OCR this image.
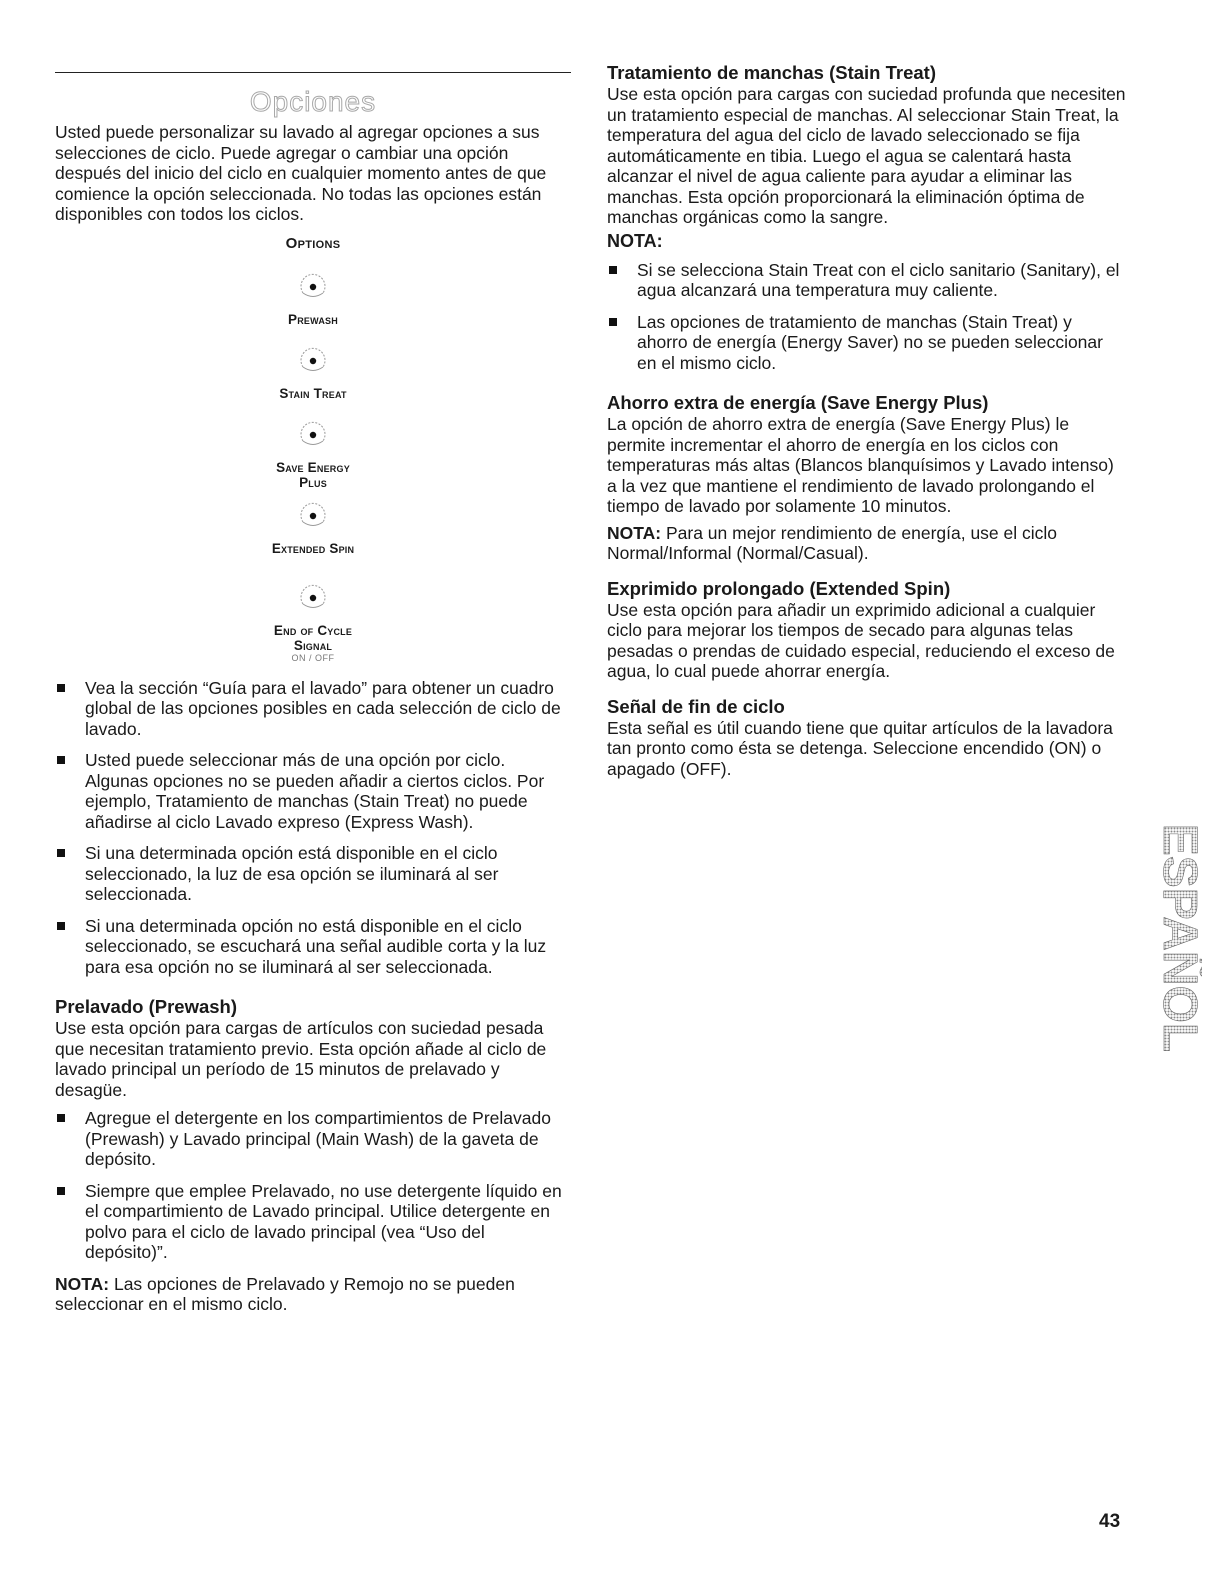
Opciones

Usted puede personalizar su lavado al agregar opciones a sus selecciones de ciclo. Puede agregar o cambiar una opción después del inicio del ciclo en cualquier momento antes de que comience la opción seleccionada. No todas las opciones están disponibles con todos los ciclos.

Options
Prewash
Stain Treat
Save Energy
Plus
Extended Spin
End of Cycle
Signal
ON / OFF
Vea la sección “Guía para el lavado” para obtener un cuadro global de las opciones posibles en cada selección de ciclo de lavado.
Usted puede seleccionar más de una opción por ciclo. Algunas opciones no se pueden añadir a ciertos ciclos. Por ejemplo, Tratamiento de manchas (Stain Treat) no puede añadirse al ciclo Lavado expreso (Express Wash).
Si una determinada opción está disponible en el ciclo seleccionado, la luz de esa opción se iluminará al ser seleccionada.
Si una determinada opción no está disponible en el ciclo seleccionado, se escuchará una señal audible corta y la luz para esa opción no se iluminará al ser seleccionada.
Prelavado (Prewash)

Use esta opción para cargas de artículos con suciedad pesada que necesitan tratamiento previo. Esta opción añade al ciclo de lavado principal un período de 15 minutos de prelavado y desagüe.

Agregue el detergente en los compartimientos de Prelavado (Prewash) y Lavado principal (Main Wash) de la gaveta de depósito.
Siempre que emplee Prelavado, no use detergente líquido en el compartimiento de Lavado principal. Utilice detergente en polvo para el ciclo de lavado principal (vea “Uso del depósito)”.

NOTA: Las opciones de Prelavado y Remojo no se pueden seleccionar en el mismo ciclo.

Tratamiento de manchas (Stain Treat)

Use esta opción para cargas con suciedad profunda que necesiten un tratamiento especial de manchas. Al seleccionar Stain Treat, la temperatura del agua del ciclo de lavado seleccionado se fija automáticamente en tibia. Luego el agua se calentará hasta alcanzar el nivel de agua caliente para ayudar a eliminar las manchas. Esta opción proporcionará la eliminación óptima de manchas orgánicas como la sangre.

NOTA:
Si se selecciona Stain Treat con el ciclo sanitario (Sanitary), el agua alcanzará una temperatura muy caliente.
Las opciones de tratamiento de manchas (Stain Treat) y ahorro de energía (Energy Saver) no se pueden seleccionar en el mismo ciclo.
Ahorro extra de energía (Save Energy Plus)

La opción de ahorro extra de energía (Save Energy Plus) le permite incrementar el ahorro de energía en los ciclos con temperaturas más altas (Blancos blanquísimos y Lavado intenso) a la vez que mantiene el rendimiento de lavado prolongando el tiempo de lavado por solamente 10 minutos.

NOTA: Para un mejor rendimiento de energía, use el ciclo Normal/Informal (Normal/Casual).

Exprimido prolongado (Extended Spin)

Use esta opción para añadir un exprimido adicional a cualquier ciclo para mejorar los tiempos de secado para algunas telas pesadas o prendas de cuidado especial, reduciendo el exceso de agua, lo cual puede ahorrar energía.

Señal de fin de ciclo

Esta señal es útil cuando tiene que quitar artículos de la lavadora tan pronto como ésta se detenga. Seleccione encendido (ON) o apagado (OFF).

ESPAÑOL
43
